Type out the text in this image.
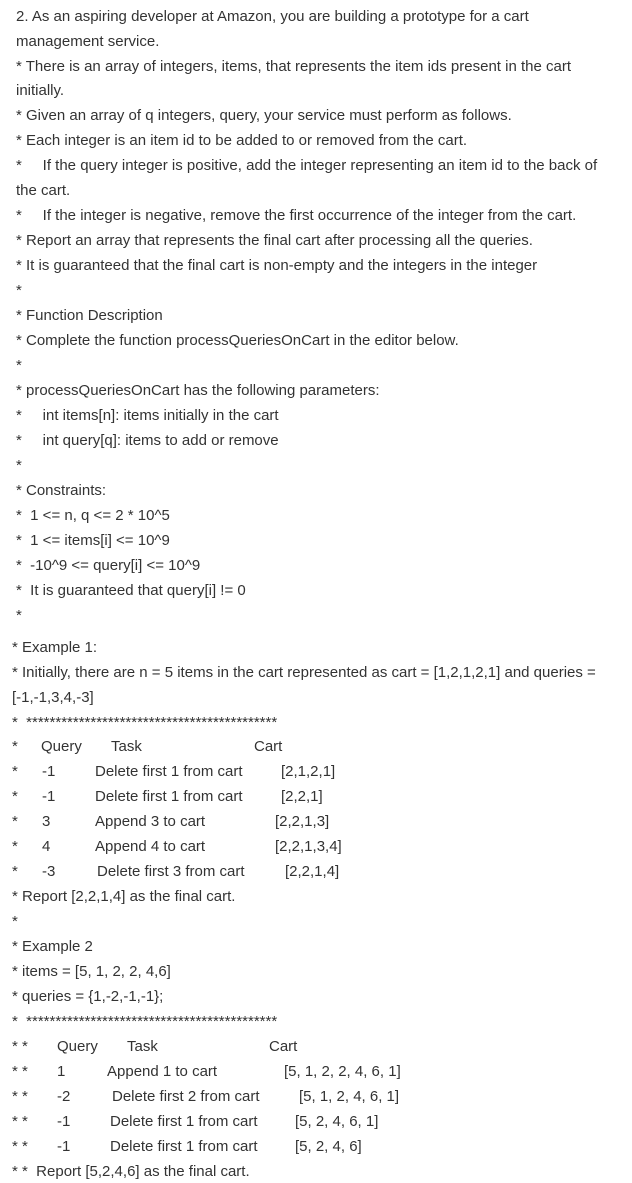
2. As an aspiring developer at Amazon, you are building a prototype for a cart
management service.
* There is an array of integers, items, that represents the item ids present in the cart
initially.
* Given an array of q integers, query, your service must perform as follows.
* Each integer is an item id to be added to or removed from the cart.
*     If the query integer is positive, add the integer representing an item id to the back of
the cart.
*     If the integer is negative, remove the first occurrence of the integer from the cart.
* Report an array that represents the final cart after processing all the queries.
* It is guaranteed that the final cart is non-empty and the integers in the integer
*
* Function Description
* Complete the function processQueriesOnCart in the editor below.
*
* processQueriesOnCart has the following parameters:
*     int items[n]: items initially in the cart
*     int query[q]: items to add or remove
*
* Constraints:
*  1 <= n, q <= 2 * 10^5
*  1 <= items[i] <= 10^9
*  -10^9 <= query[i] <= 10^9
*  It is guaranteed that query[i] != 0
*
* Example 1:
* Initially, there are n = 5 items in the cart represented as cart = [1,2,1,2,1] and queries =
[-1,-1,3,4,-3]
*  *******************************************
* Query Task	Cart
* -1	Delete first 1 from cart	[2,1,2,1]
* -1	Delete first 1 from cart	[2,2,1]
* 3	Append 3 to cart	[2,2,1,3]
* 4	Append 4 to cart	[2,2,1,3,4]
* -3	Delete first 3 from cart	[2,2,1,4]
* Report [2,2,1,4] as the final cart.
*
* Example 2
* items = [5, 1, 2, 2, 4,6]
* queries = {1,-2,-1,-1};
*  *******************************************
* * Query Task	Cart
* * 1	Append 1 to cart	[5, 1, 2, 2, 4, 6, 1]
* * -2	Delete first 2 from cart	[5, 1, 2, 4, 6, 1]
* * -1	Delete first 1 from cart [5, 2, 4, 6, 1]
* * -1	Delete first 1 from cart [5, 2, 4, 6]
* *  Report [5,2,4,6] as the final cart.
